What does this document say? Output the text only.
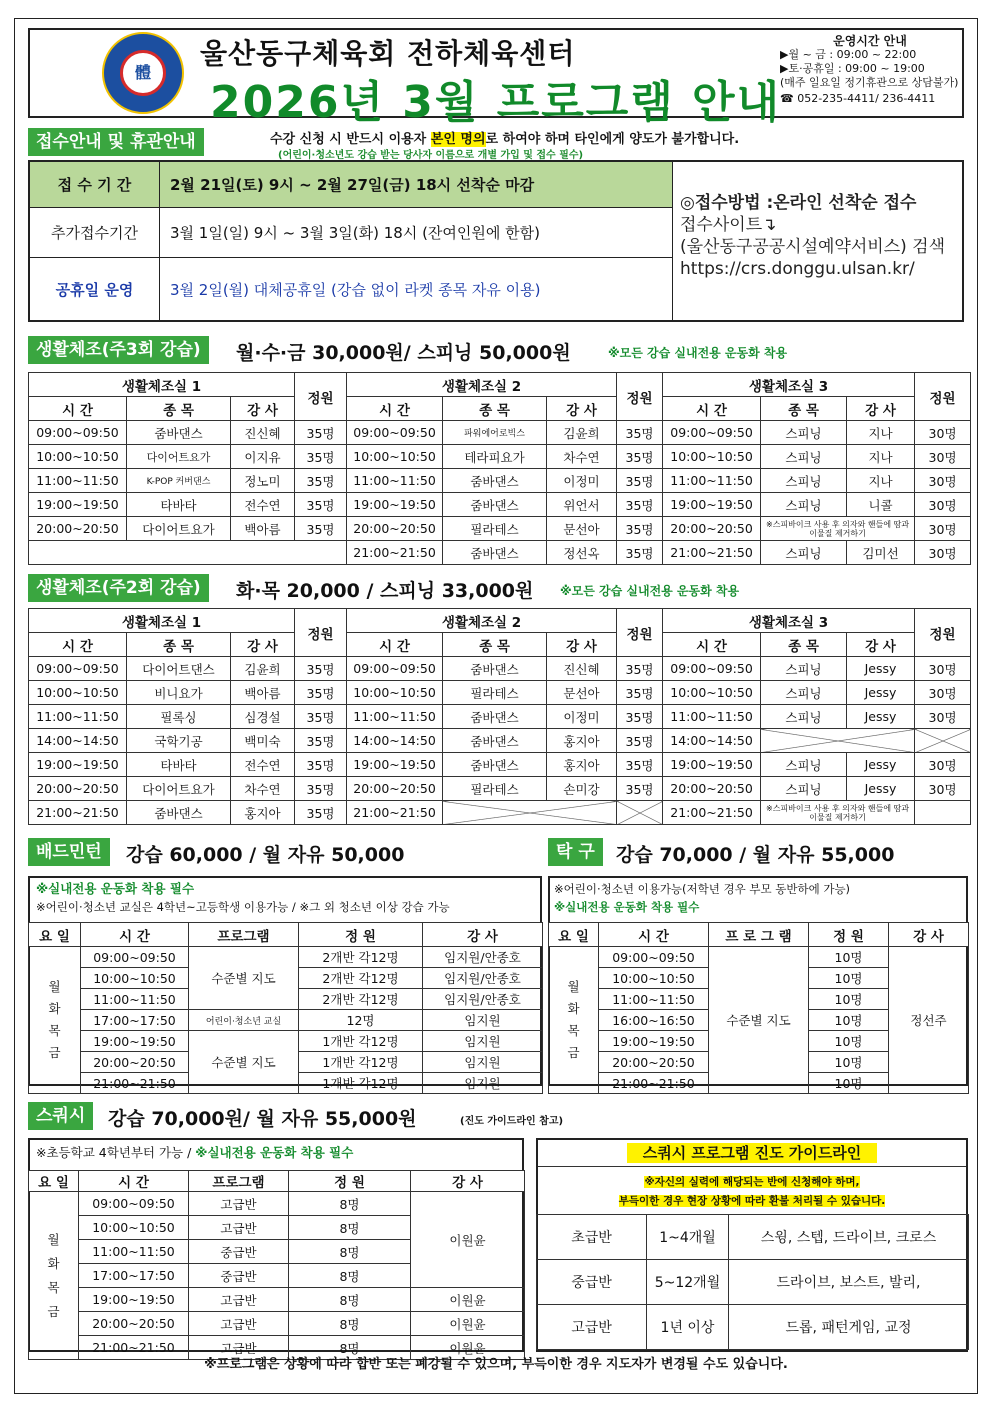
體
울산동구체육회 전하체육센터
2026년 3월 프로그램 안내
운영시간 안내
▶월 ~ 금 : 09:00 ~ 22:00
▶토·공휴일 : 09:00 ~ 19:00
(매주 일요일 정기휴관으로 상담불가)
☎ 052-235-4411/ 236-4411
접수안내 및 휴관안내	수강 신청 시 반드시 이용자 본인 명의로 하여야 하며 타인에게 양도가 불가합니다.
(어린이·청소년도 강습 받는 당사자 이름으로 개별 가입 및 접수 필수)
접 수 기 간	2월 21일(토) 9시 ~ 2월 27일(금) 18시 선착순 마감
추가접수기간	3월 1일(일) 9시 ~ 3월 3일(화) 18시 (잔여인원에 한함)
공휴일 운영	3월 2일(월) 대체공휴일 (강습 없이 라켓 종목 자유 이용)
◎접수방법 :온라인 선착순 접수
접수사이트↴
(울산동구공공시설예약서비스) 검색
https://crs.donggu.ulsan.kr/
생활체조(주3회 강습)	월·수·금 30,000원/ 스피닝 50,000원	※모든 강습 실내전용 운동화 착용
생활체조실 1			정원	생활체조실 2			정원	생활체조실 3			정원
시 간	종 목	강 사		시 간	종 목	강 사		시 간	종 목	강 사	
09:00~09:50	줌바댄스	진신혜	35명	09:00~09:50	파워에어로빅스	김윤희	35명	09:00~09:50	스피닝	지나	30명
10:00~10:50	다이어트요가	이지유	35명	10:00~10:50	테라피요가	차수연	35명	10:00~10:50	스피닝	지나	30명
11:00~11:50	K-POP 커버댄스	정노미	35명	11:00~11:50	줌바댄스	이정미	35명	11:00~11:50	스피닝	지나	30명
19:00~19:50	타바타	전수연	35명	19:00~19:50	줌바댄스	위언서	35명	19:00~19:50	스피닝	니콜	30명
20:00~20:50	다이어트요가	백아름	35명	20:00~20:50	필라테스	문선아	35명	20:00~20:50	※스피바이크 사용 후 의자와 핸들에 땀과 이물질 제거하기		30명
				21:00~21:50	줌바댄스	정선옥	35명	21:00~21:50	스피닝	김미선	30명
생활체조(주2회 강습)	화·목 20,000 / 스피닝 33,000원 ※모든 강습 실내전용 운동화 착용
생활체조실 1			정원	생활체조실 2			정원	생활체조실 3			정원
시 간	종 목	강 사		시 간	종 목	강 사		시 간	종 목	강 사	
09:00~09:50	다이어트댄스	김윤희	35명	09:00~09:50	줌바댄스	진신혜	35명	09:00~09:50	스피닝	Jessy	30명
10:00~10:50	비니요가	백아름	35명	10:00~10:50	필라테스	문선아	35명	10:00~10:50	스피닝	Jessy	30명
11:00~11:50	필록싱	심경설	35명	11:00~11:50	줌바댄스	이정미	35명	11:00~11:50	스피닝	Jessy	30명
14:00~14:50	국학기공	백미숙	35명	14:00~14:50	줌바댄스	홍지아	35명	14:00~14:50			
19:00~19:50	타바타	전수연	35명	19:00~19:50	줌바댄스	홍지아	35명	19:00~19:50	스피닝	Jessy	30명
20:00~20:50	다이어트요가	차수연	35명	20:00~20:50	필라테스	손미강	35명	20:00~20:50	스피닝	Jessy	30명
21:00~21:50	줌바댄스	홍지아	35명	21:00~21:50				21:00~21:50	※스피바이크 사용 후 의자와 핸들에 땀과 이물질 제거하기		
배드민턴	강습 60,000 / 월 자유 50,000
※실내전용 운동화 착용 필수
※어린이·청소년 교실은 4학년~고등학생 이용가능 / ※그 외 청소년 이상 강습 가능
요 일	시 간	프로그램	정 원	강 사
월
화
목
금	09:00~09:50	수준별 지도	2개반 각12명	임지원/안종호
	10:00~10:50		2개반 각12명	임지원/안종호
	11:00~11:50		2개반 각12명	임지원/안종호
	17:00~17:50	어린이·청소년 교실	12명	임지원
	19:00~19:50	수준별 지도	1개반 각12명	임지원
	20:00~20:50		1개반 각12명	임지원
	21:00~21:50		1개반 각12명	임지원
탁 구	강습 70,000 / 월 자유 55,000
※어린이·청소년 이용가능(저학년 경우 부모 동반하에 가능)
※실내전용 운동화 착용 필수
요 일	시 간	프 로 그 램	정 원	강 사
월
화
목
금	09:00~09:50	수준별 지도	10명	정선주
	10:00~10:50		10명	
	11:00~11:50		10명	
	16:00~16:50		10명	
	19:00~19:50		10명	
	20:00~20:50		10명	
	21:00~21:50		10명	
스쿼시	강습 70,000원/ 월 자유 55,000원	(진도 가이드라인 참고)
※초등학교 4학년부터 가능 / ※실내전용 운동화 착용 필수
요 일	시 간	프로그램	정 원	강 사
월
화
목
금	09:00~09:50	고급반	8명	이원윤
	10:00~10:50	고급반	8명	
	11:00~11:50	중급반	8명	
	17:00~17:50	중급반	8명	
	19:00~19:50	고급반	8명	이원윤
	20:00~20:50	고급반	8명	이원윤
	21:00~21:50	고급반	8명	이원윤
스쿼시 프로그램 진도 가이드라인
※자신의 실력에 해당되는 반에 신청해야 하며,
부득이한 경우 현장 상황에 따라 환불 처리될 수 있습니다.
초급반	1~4개월	스윙, 스텝, 드라이브, 크로스
중급반	5~12개월	드라이브, 보스트, 발리,
고급반	1년 이상	드롭, 패턴게임, 교정
※프로그램은 상황에 따라 합반 또는 폐강될 수 있으며, 부득이한 경우 지도자가 변경될 수도 있습니다.
